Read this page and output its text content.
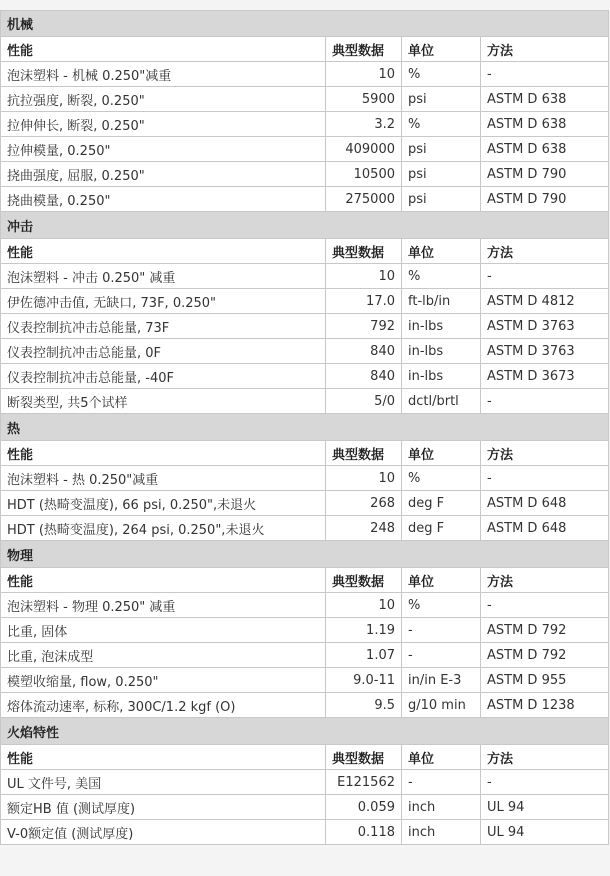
机械			
性能	典型数据	单位	方法
泡沫塑料 - 机械 0.250"减重	10	%	-
抗拉强度, 断裂, 0.250"	5900	psi	ASTM D 638
拉伸伸长, 断裂, 0.250"	3.2	%	ASTM D 638
拉伸模量, 0.250"	409000	psi	ASTM D 638
挠曲强度, 屈服, 0.250"	10500	psi	ASTM D 790
挠曲模量, 0.250"	275000	psi	ASTM D 790
冲击			
性能	典型数据	单位	方法
泡沫塑料 - 冲击 0.250" 减重	10	%	-
伊佐德冲击值, 无缺口, 73F, 0.250"	17.0	ft-lb/in	ASTM D 4812
仪表控制抗冲击总能量, 73F	792	in-lbs	ASTM D 3763
仪表控制抗冲击总能量, 0F	840	in-lbs	ASTM D 3763
仪表控制抗冲击总能量, -40F	840	in-lbs	ASTM D 3673
断裂类型, 共5个试样	5/0	dctl/brtl	-
热			
性能	典型数据	单位	方法
泡沫塑料 - 热 0.250"减重	10	%	-
HDT (热畸变温度), 66 psi, 0.250",未退火	268	deg F	ASTM D 648
HDT (热畸变温度), 264 psi, 0.250",未退火	248	deg F	ASTM D 648
物理			
性能	典型数据	单位	方法
泡沫塑料 - 物理 0.250" 减重	10	%	-
比重, 固体	1.19	-	ASTM D 792
比重, 泡沫成型	1.07	-	ASTM D 792
模塑收缩量, flow, 0.250"	9.0-11	in/in E-3	ASTM D 955
熔体流动速率, 标称, 300C/1.2 kgf (O)	9.5	g/10 min	ASTM D 1238
火焰特性			
性能	典型数据	单位	方法
UL 文件号, 美国	E121562	-	-
额定HB 值 (测试厚度)	0.059	inch	UL 94
V-0额定值 (测试厚度)	0.118	inch	UL 94
